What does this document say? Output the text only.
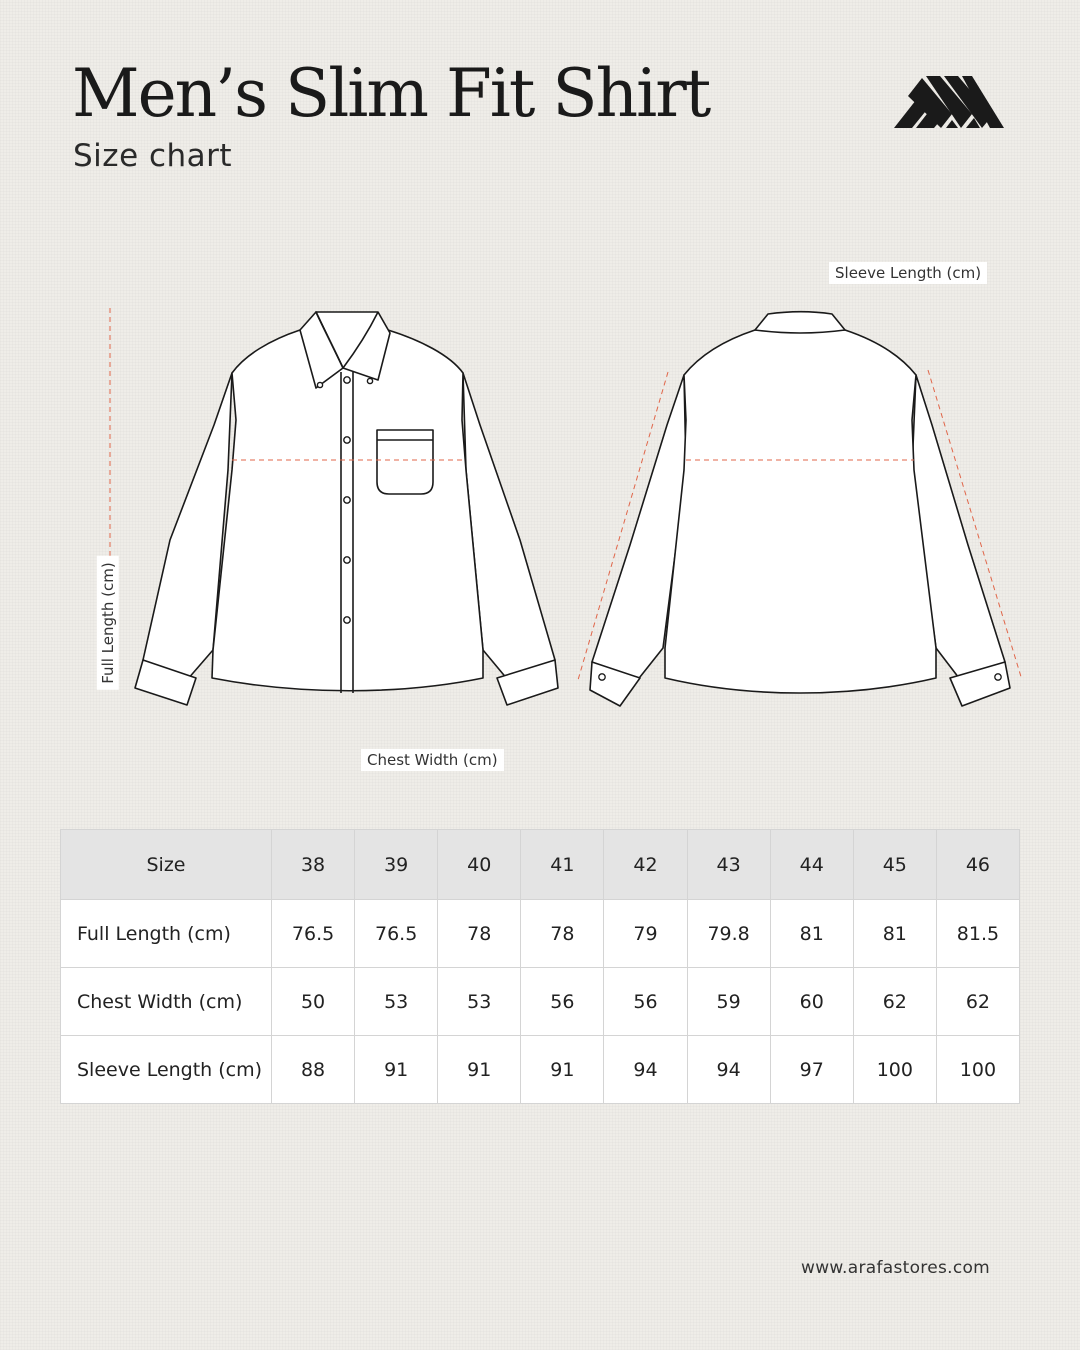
Men’s Slim Fit Shirt
Size chart
Sleeve Length (cm)
Chest Width (cm)
Full Length (cm)
Size	38	39	40	41	42	43	44	45	46
Full Length (cm)	76.5	76.5	78	78	79	79.8	81	81	81.5
Chest Width (cm)	50	53	53	56	56	59	60	62	62
Sleeve Length (cm)	88	91	91	91	94	94	97	100	100
www.arafastores.com
